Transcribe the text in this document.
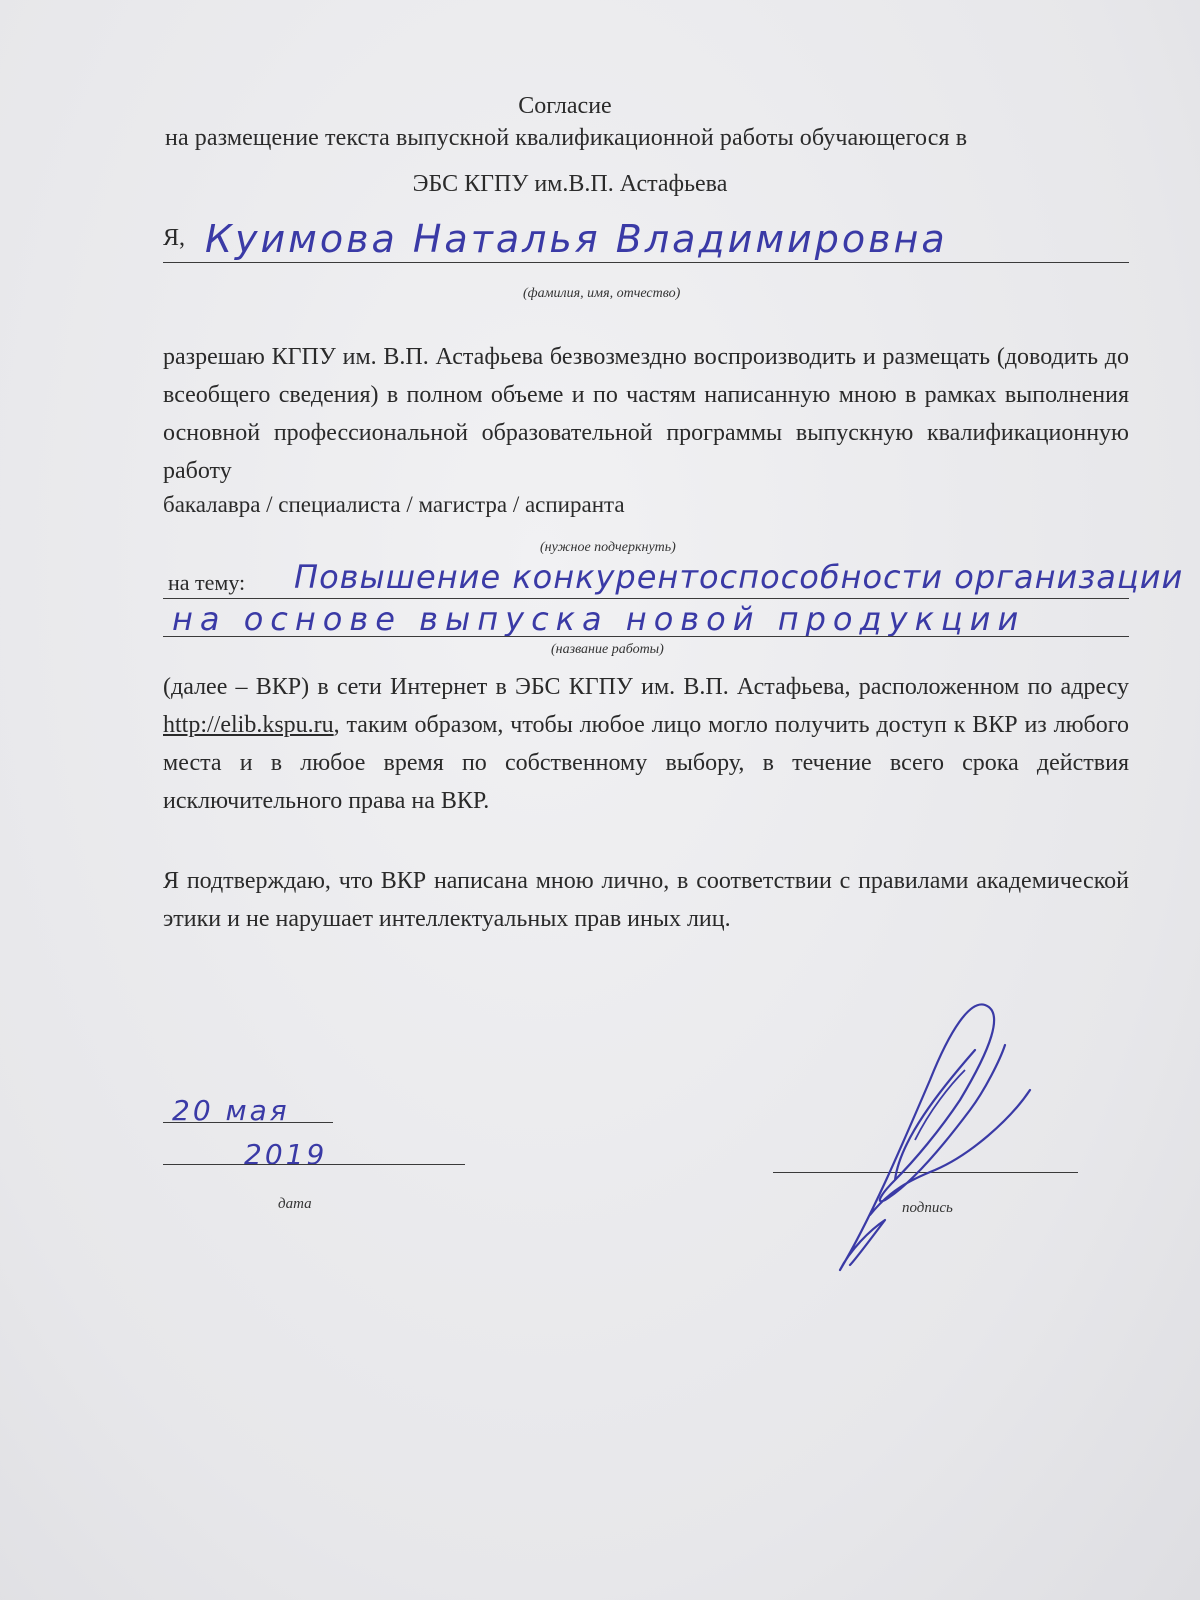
Согласие
на размещение текста выпускной квалификационной работы обучающегося в
ЭБС КГПУ им.В.П. Астафьева
Я, Куимова Наталья Владимировна
(фамилия, имя, отчество)
разрешаю КГПУ им. В.П. Астафьева безвозмездно воспроизводить и размещать (доводить до всеобщего сведения) в полном объеме и по частям написанную мною в рамках выполнения основной профессиональной образовательной программы выпускную квалификационную работу
бакалавра / специалиста / магистра / аспиранта
(нужное подчеркнуть)
на тему: Повышение конкурентоспособности организации
на основе выпуска новой продукции
(название работы)
(далее – ВКР) в сети Интернет в ЭБС КГПУ им. В.П. Астафьева, расположенном по адресу http://elib.kspu.ru, таким образом, чтобы любое лицо могло получить доступ к ВКР из любого места и в любое время по собственному выбору, в течение всего срока действия исключительного права на ВКР.
Я подтверждаю, что ВКР написана мною лично, в соответствии с правилами академической этики и не нарушает интеллектуальных прав иных лиц.
20 мая
2019
дата	подпись
